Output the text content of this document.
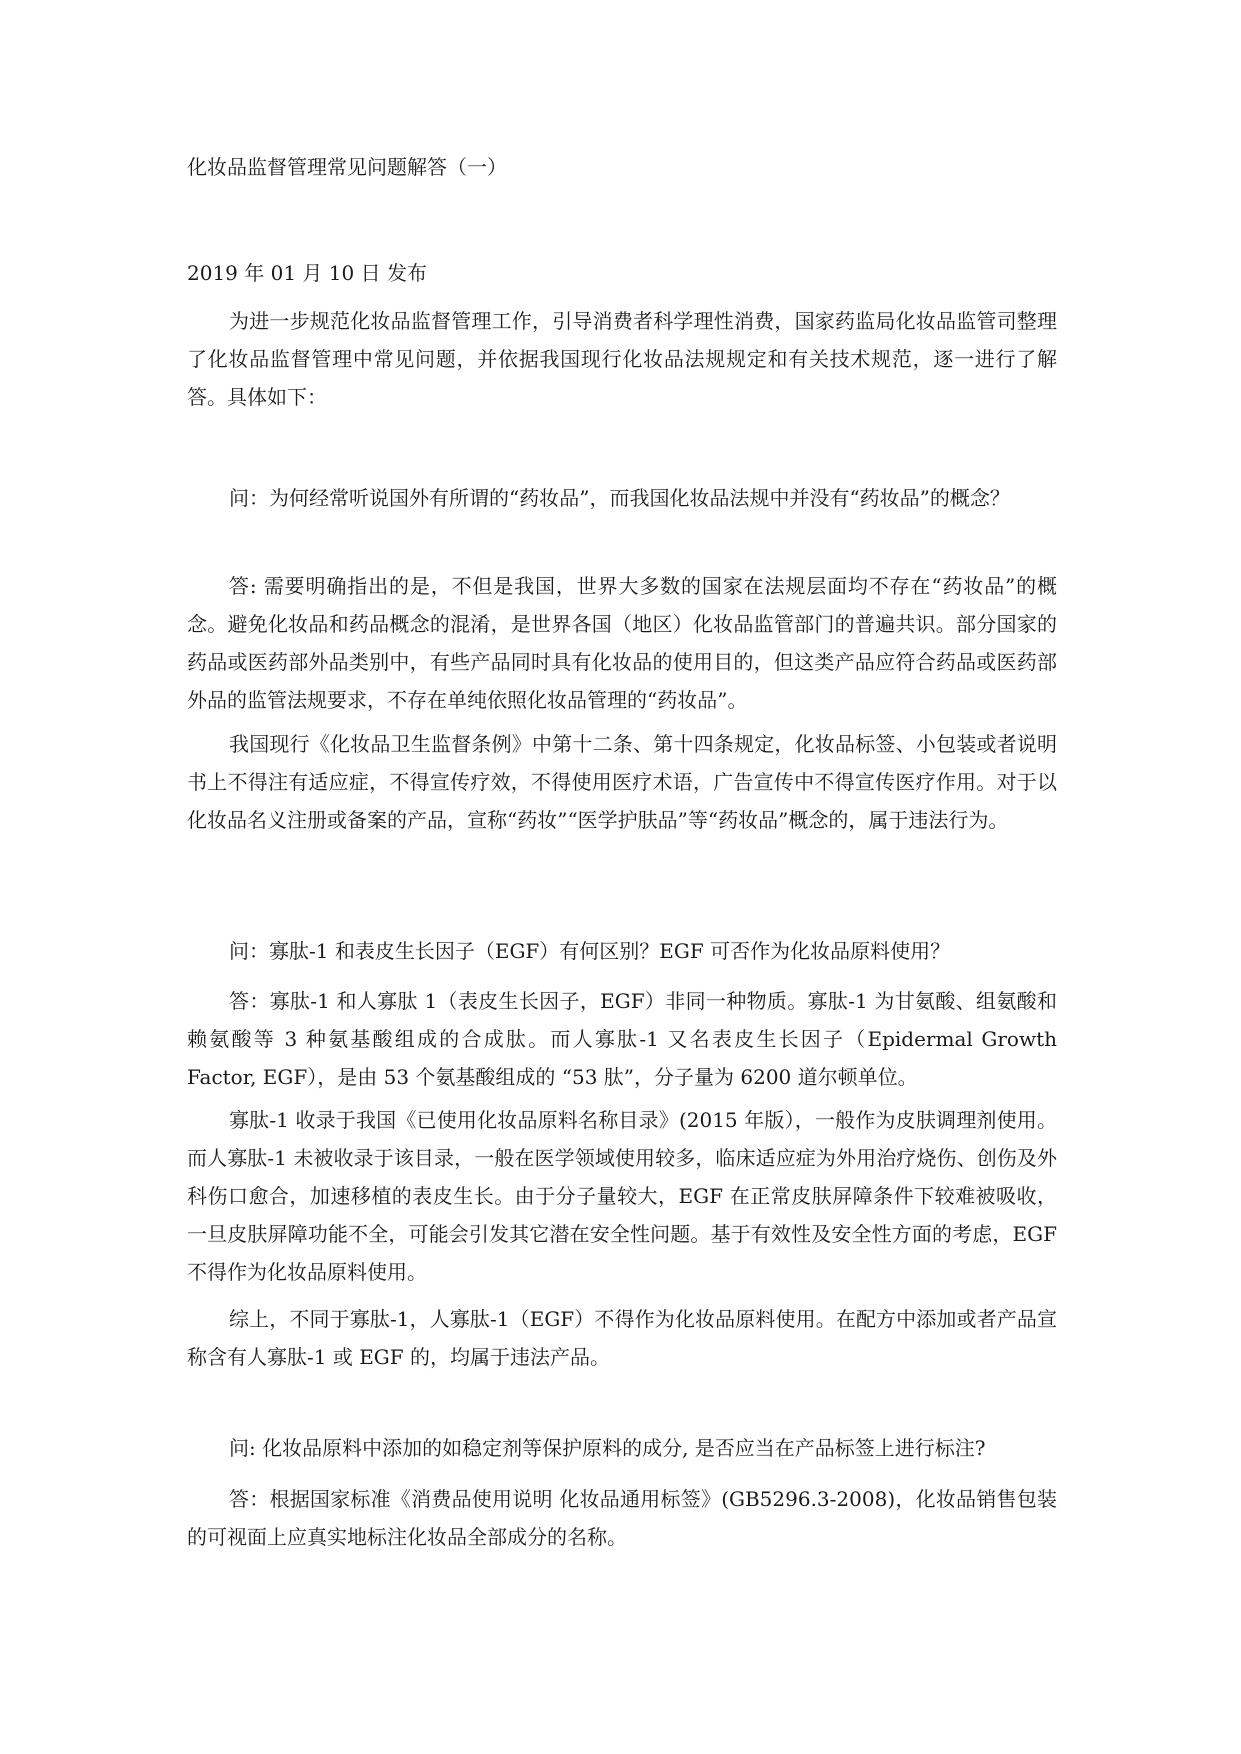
化妆品监督管理常见问题解答（一）
2019 年 01 月 10 日 发布

为进一步规范化妆品监督管理工作，引导消费者科学理性消费，国家药监局化妆品监管司整理了化妆品监督管理中常见问题，并依据我国现行化妆品法规规定和有关技术规范，逐一进行了解答。具体如下：

问：为何经常听说国外有所谓的“药妆品”，而我国化妆品法规中并没有“药妆品”的概念？

答: 需要明确指出的是，不但是我国，世界大多数的国家在法规层面均不存在“药妆品”的概念。避免化妆品和药品概念的混淆，是世界各国（地区）化妆品监管部门的普遍共识。部分国家的药品或医药部外品类别中，有些产品同时具有化妆品的使用目的，但这类产品应符合药品或医药部外品的监管法规要求，不存在单纯依照化妆品管理的“药妆品”。

我国现行《化妆品卫生监督条例》中第十二条、第十四条规定，化妆品标签、小包装或者说明书上不得注有适应症，不得宣传疗效，不得使用医疗术语，广告宣传中不得宣传医疗作用。对于以化妆品名义注册或备案的产品，宣称“药妆”“医学护肤品”等“药妆品”概念的，属于违法行为。

问：寡肽-1 和表皮生长因子（EGF）有何区别？EGF 可否作为化妆品原料使用？

答：寡肽-1 和人寡肽 1（表皮生长因子，EGF）非同一种物质。寡肽-1 为甘氨酸、组氨酸和赖氨酸等 3 种氨基酸组成的合成肽。而人寡肽-1 又名表皮生长因子（Epidermal Growth Factor, EGF），是由 53 个氨基酸组成的 “53 肽”，分子量为 6200 道尔顿单位。

寡肽-1 收录于我国《已使用化妆品原料名称目录》(2015 年版），一般作为皮肤调理剂使用。而人寡肽-1 未被收录于该目录，一般在医学领域使用较多，临床适应症为外用治疗烧伤、创伤及外科伤口愈合，加速移植的表皮生长。由于分子量较大，EGF 在正常皮肤屏障条件下较难被吸收，一旦皮肤屏障功能不全，可能会引发其它潜在安全性问题。基于有效性及安全性方面的考虑，EGF 不得作为化妆品原料使用。

综上，不同于寡肽-1，人寡肽-1（EGF）不得作为化妆品原料使用。在配方中添加或者产品宣称含有人寡肽-1 或 EGF 的，均属于违法产品。

问: 化妆品原料中添加的如稳定剂等保护原料的成分, 是否应当在产品标签上进行标注?

答：根据国家标准《消费品使用说明 化妆品通用标签》(GB5296.3-2008)，化妆品销售包装的可视面上应真实地标注化妆品全部成分的名称。
